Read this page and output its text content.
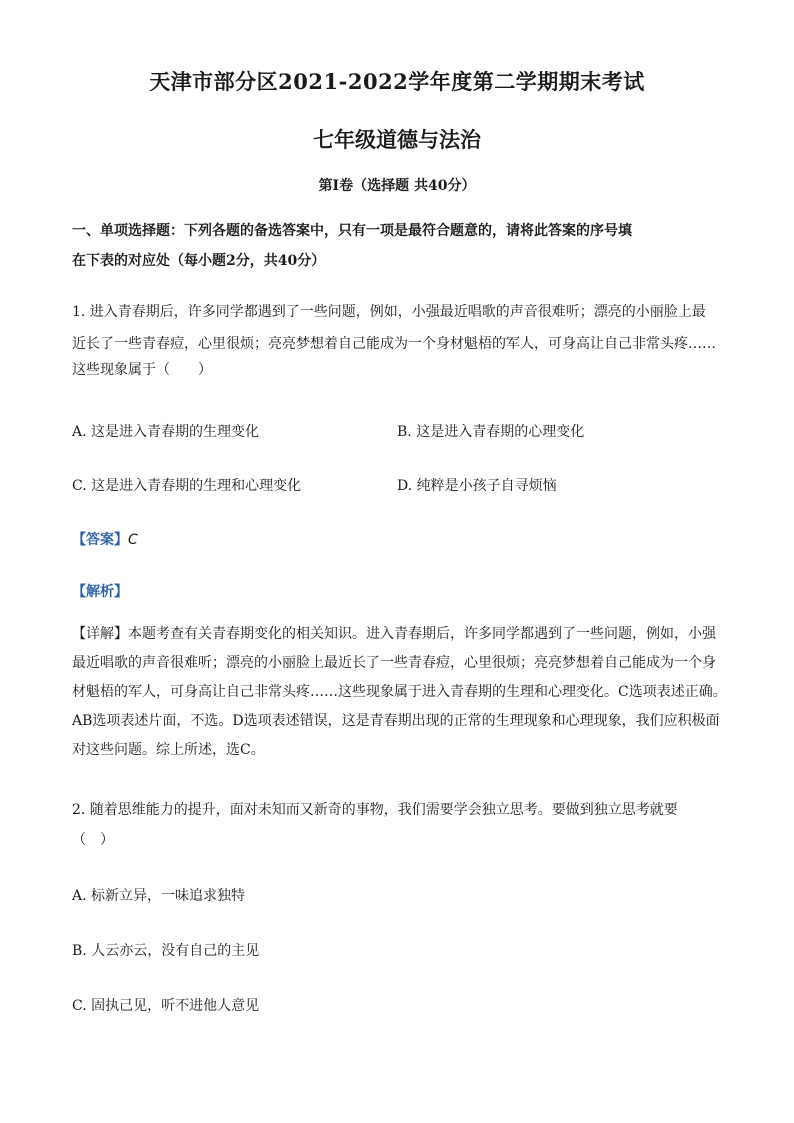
天津市部分区2021-2022学年度第二学期期末考试
七年级道德与法治
第Ⅰ卷（选择题 共40分）
一、单项选择题：下列各题的备选答案中，只有一项是最符合题意的，请将此答案的序号填
在下表的对应处（每小题2分，共40分）
1. 进入青春期后，许多同学都遇到了一些问题，例如，小强最近唱歌的声音很难听；漂亮的小丽脸上最
近长了一些青春痘，心里很烦；亮亮梦想着自己能成为一个身材魁梧的军人，可身高让自己非常头疼……
这些现象属于（　　）
A. 这是进入青春期的生理变化	B. 这是进入青春期的心理变化
C. 这是进入青春期的生理和心理变化	D. 纯粹是小孩子自寻烦恼
【答案】C
【解析】
【详解】本题考查有关青春期变化的相关知识。进入青春期后，许多同学都遇到了一些问题，例如，小强
最近唱歌的声音很难听；漂亮的小丽脸上最近长了一些青春痘，心里很烦；亮亮梦想着自己能成为一个身
材魁梧的军人，可身高让自己非常头疼……这些现象属于进入青春期的生理和心理变化。C选项表述正确。
AB选项表述片面，不选。D选项表述错误，这是青春期出现的正常的生理现象和心理现象，我们应积极面
对这些问题。综上所述，选C。
2. 随着思维能力的提升，面对未知而又新奇的事物，我们需要学会独立思考。要做到独立思考就要
（　）
A. 标新立异，一味追求独特
B. 人云亦云，没有自己的主见
C. 固执己见，听不进他人意见
